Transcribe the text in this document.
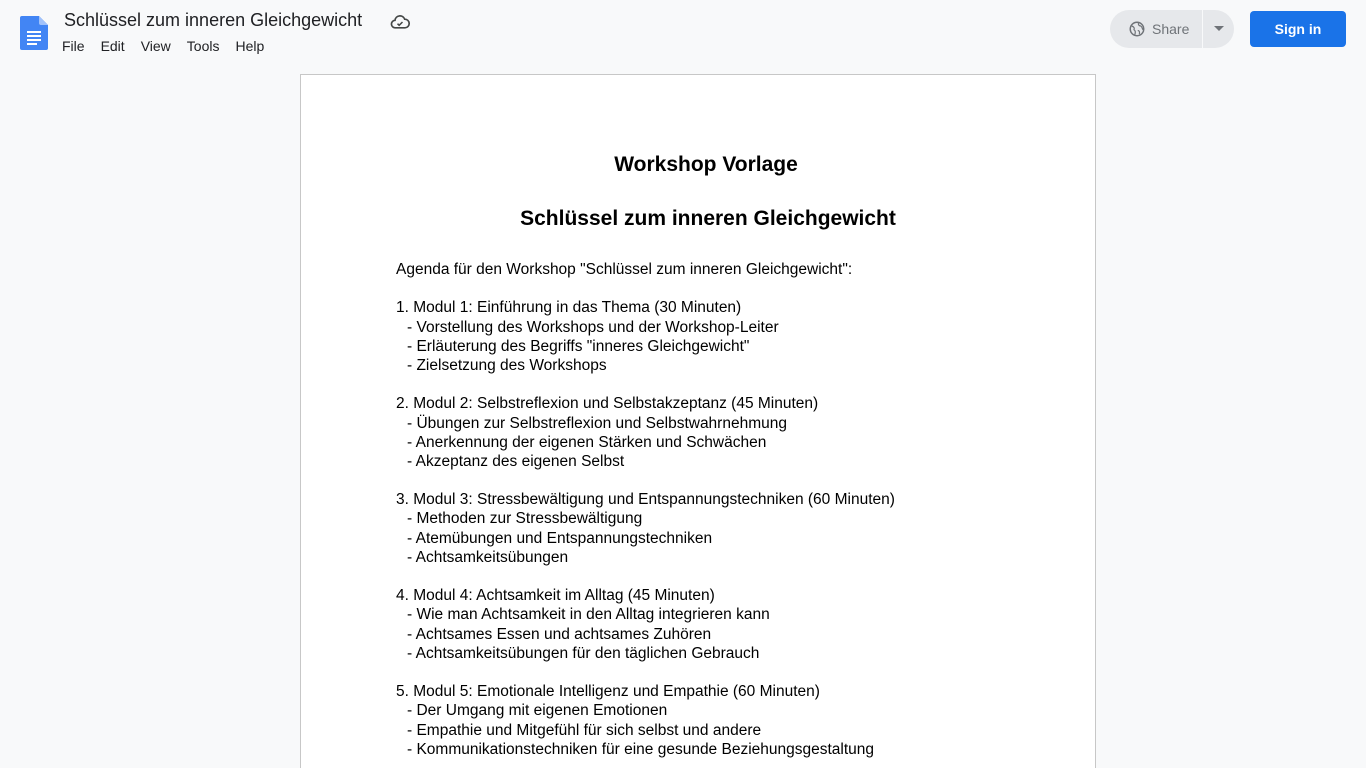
Schlüssel zum inneren Gleichgewicht
File	Edit	View	Tools	Help
Share	Sign in
Workshop Vorlage
Schlüssel zum inneren Gleichgewicht
Agenda für den Workshop "Schlüssel zum inneren Gleichgewicht":
1. Modul 1: Einführung in das Thema (30 Minuten)
- Vorstellung des Workshops und der Workshop-Leiter
- Erläuterung des Begriffs "inneres Gleichgewicht"
- Zielsetzung des Workshops
2. Modul 2: Selbstreflexion und Selbstakzeptanz (45 Minuten)
- Übungen zur Selbstreflexion und Selbstwahrnehmung
- Anerkennung der eigenen Stärken und Schwächen
- Akzeptanz des eigenen Selbst
3. Modul 3: Stressbewältigung und Entspannungstechniken (60 Minuten)
- Methoden zur Stressbewältigung
- Atemübungen und Entspannungstechniken
- Achtsamkeitsübungen
4. Modul 4: Achtsamkeit im Alltag (45 Minuten)
- Wie man Achtsamkeit in den Alltag integrieren kann
- Achtsames Essen und achtsames Zuhören
- Achtsamkeitsübungen für den täglichen Gebrauch
5. Modul 5: Emotionale Intelligenz und Empathie (60 Minuten)
- Der Umgang mit eigenen Emotionen
- Empathie und Mitgefühl für sich selbst und andere
- Kommunikationstechniken für eine gesunde Beziehungsgestaltung
